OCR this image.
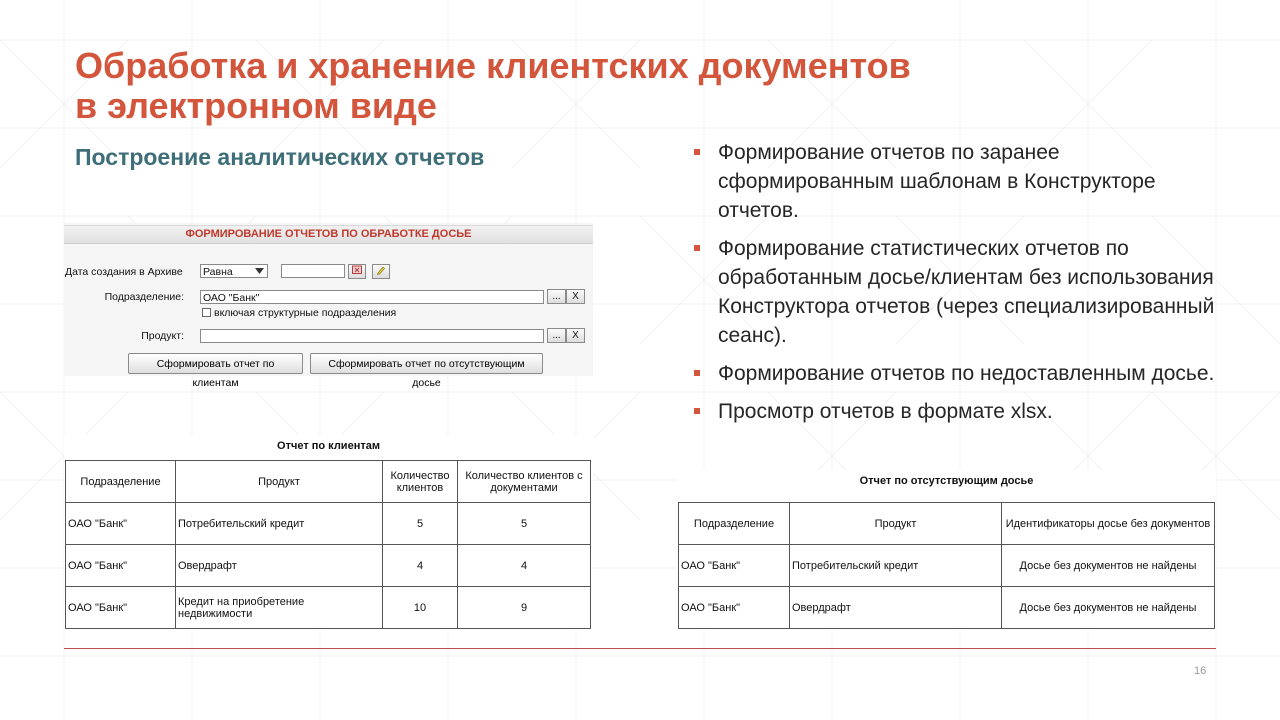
Обработка и хранение клиентских документов
в электронном виде
Построение аналитических отчетов	Формирование отчетов по заранее сформированным шаблонам в Конструкторе отчетов.
Формирование статистических отчетов по обработанным досье/клиентам без использования Конструктора отчетов (через специализированный сеанс).
Формирование отчетов по недоставленным досье.
Просмотр отчетов в формате xlsx.
ФОРМИРОВАНИЕ ОТЧЕТОВ ПО ОБРАБОТКЕ ДОСЬЕ
Дата создания в Архиве Равна
Подразделение: ОАО "Банк"	...	X
включая структурные подразделения
Продукт:	...	X
Сформировать отчет по клиентам
Сформировать отчет по отсутствующим досье
Отчет по клиентам
Подразделение	Продукт	Количество клиентов	Количество клиентов с документами
ОАО "Банк"	Потребительский кредит	5	5
ОАО "Банк"	Овердрафт	4	4
ОАО "Банк"	Кредит на приобретение недвижимости	10	9
Отчет по отсутствующим досье
Подразделение	Продукт	Идентификаторы досье без документов
ОАО "Банк"	Потребительский кредит	Досье без документов не найдены
ОАО "Банк"	Овердрафт	Досье без документов не найдены
16
